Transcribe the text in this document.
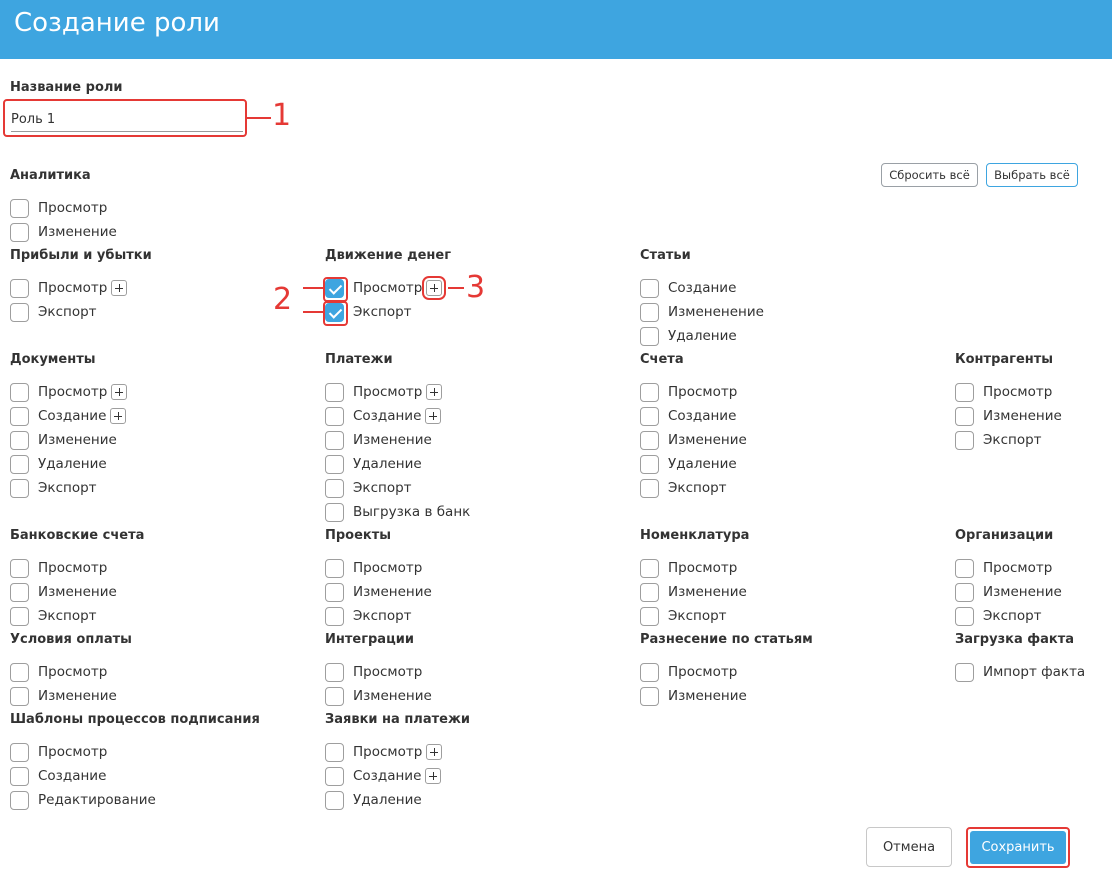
Создание роли
Название роли
Роль 1
1
Сбросить всё	Выбрать всё
Аналитика
Просмотр
Изменение
Прибыли и убытки
Просмотр
Экспорт
Движение денег
Просмотр
Экспорт
Статьи
Создание
Измененение
Удаление
Документы
Просмотр
Создание
Изменение
Удаление
Экспорт
Платежи
Просмотр
Создание
Изменение
Удаление
Экспорт
Выгрузка в банк
Счета
Просмотр
Создание
Изменение
Удаление
Экспорт
Контрагенты
Просмотр
Изменение
Экспорт
Банковские счета
Просмотр
Изменение
Экспорт
Проекты
Просмотр
Изменение
Экспорт
Номенклатура
Просмотр
Изменение
Экспорт
Организации
Просмотр
Изменение
Экспорт
Условия оплаты
Просмотр
Изменение
Интеграции
Просмотр
Изменение
Разнесение по статьям
Просмотр
Изменение
Загрузка факта
Импорт факта
Шаблоны процессов подписания
Просмотр
Создание
Редактирование
Заявки на платежи
Просмотр
Создание
Удаление
2	3
Отмена	Сохранить
